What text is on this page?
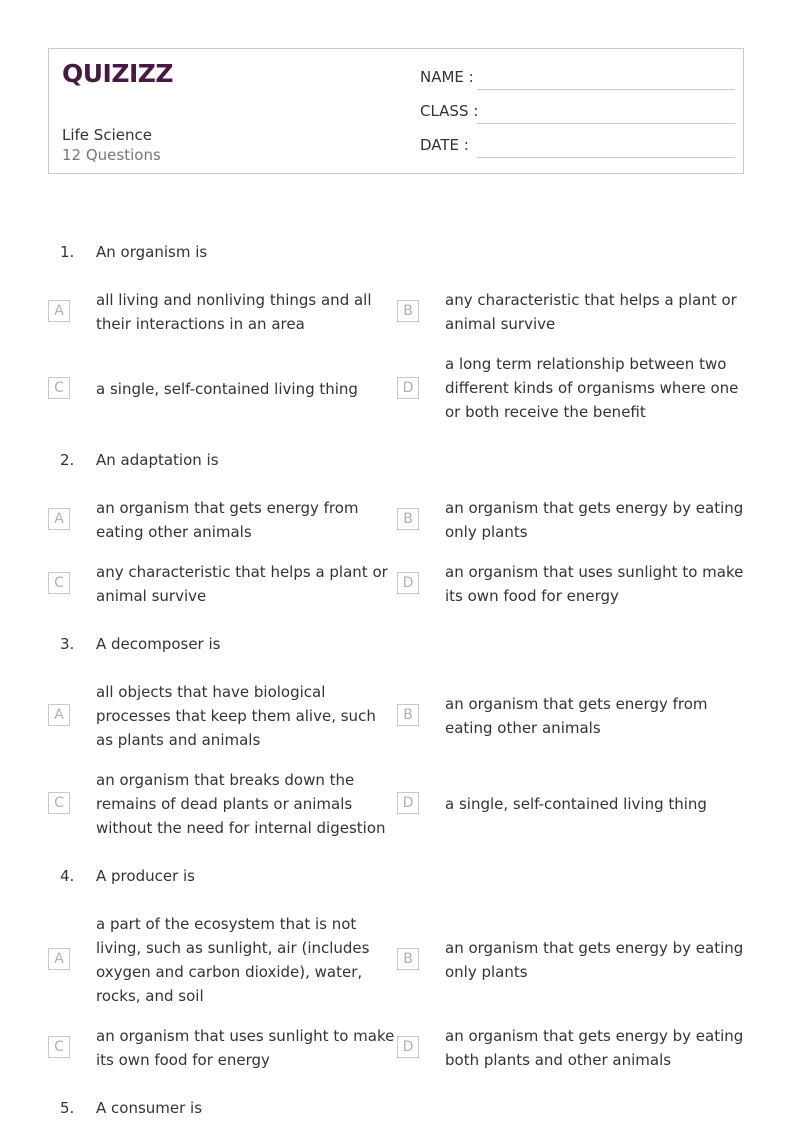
QUIZIZZ
Life Science
12 Questions
NAME :
CLASS :
DATE :
1. An organism is
A
all living and nonliving things and all their interactions in an area
B
any characteristic that helps a plant or animal survive
C	a single, self-contained living thing	D
a long term relationship between two different kinds of organisms where one or both receive the benefit
2. An adaptation is
A
an organism that gets energy from eating other animals
B
an organism that gets energy by eating only plants
C
any characteristic that helps a plant or animal survive
D
an organism that uses sunlight to make its own food for energy
3. A decomposer is
A
all objects that have biological processes that keep them alive, such as plants and animals
B
an organism that gets energy from eating other animals
C
an organism that breaks down the remains of dead plants or animals without the need for internal digestion
D	a single, self-contained living thing
4. A producer is
A
a part of the ecosystem that is not living, such as sunlight, air (includes oxygen and carbon dioxide), water, rocks, and soil
B
an organism that gets energy by eating only plants
C
an organism that uses sunlight to make its own food for energy
D
an organism that gets energy by eating both plants and other animals
5. A consumer is
